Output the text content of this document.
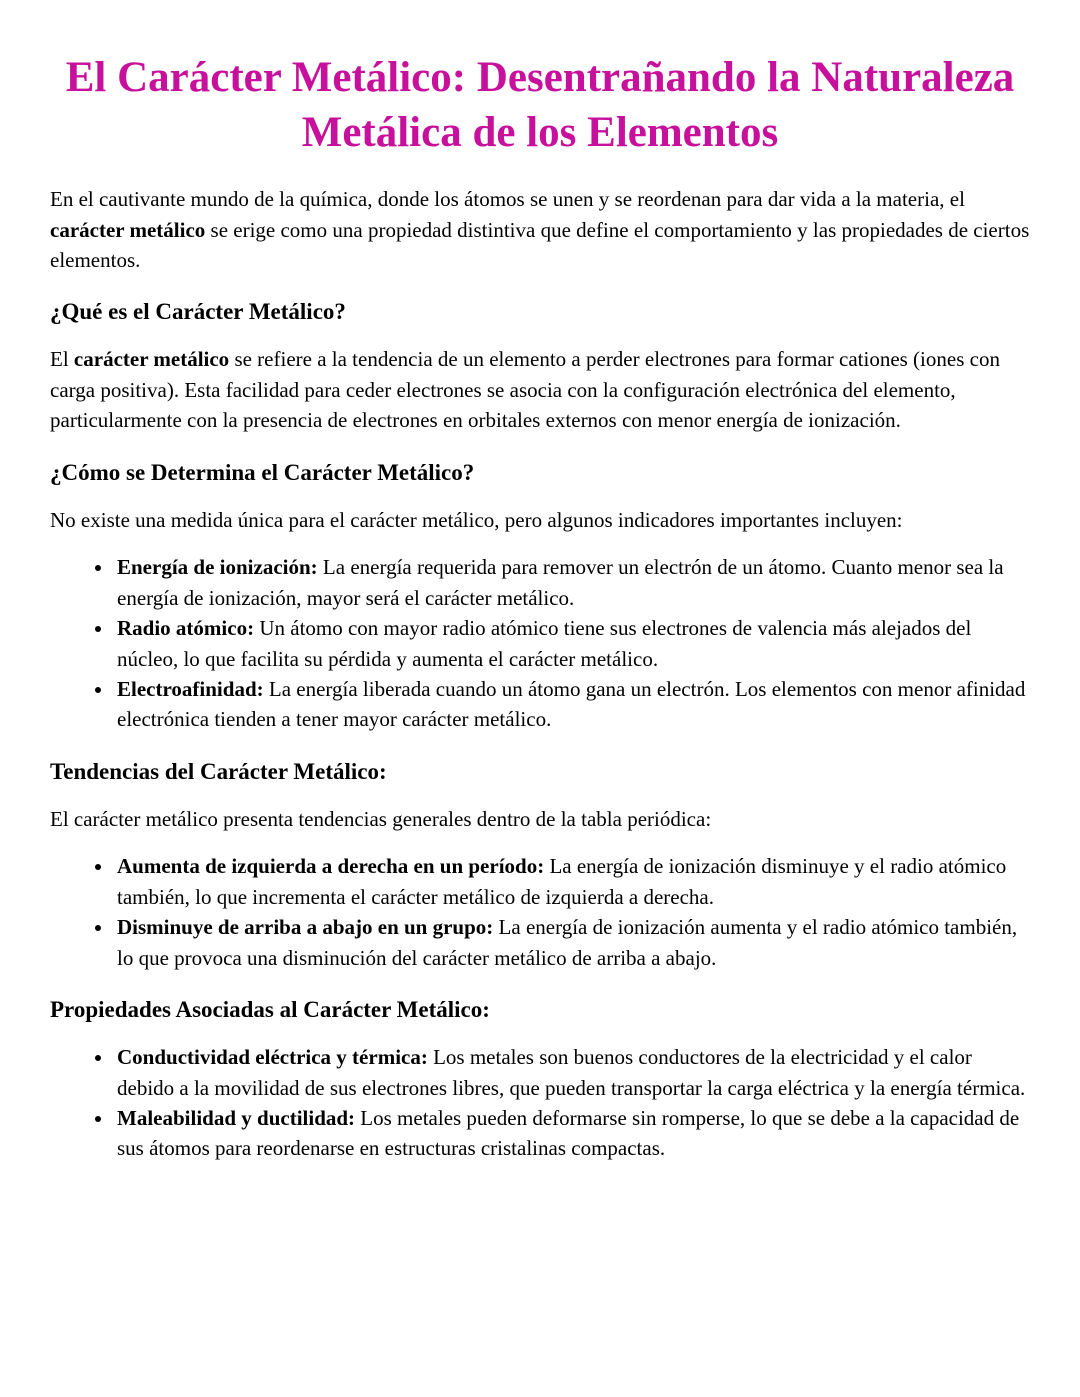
El Carácter Metálico: Desentrañando la Naturaleza Metálica de los Elementos

En el cautivante mundo de la química, donde los átomos se unen y se reordenan para dar vida a la materia, el carácter metálico se erige como una propiedad distintiva que define el comportamiento y las propiedades de ciertos elementos.

¿Qué es el Carácter Metálico?

El carácter metálico se refiere a la tendencia de un elemento a perder electrones para formar cationes (iones con carga positiva). Esta facilidad para ceder electrones se asocia con la configuración electrónica del elemento, particularmente con la presencia de electrones en orbitales externos con menor energía de ionización.

¿Cómo se Determina el Carácter Metálico?

No existe una medida única para el carácter metálico, pero algunos indicadores importantes incluyen:

• Energía de ionización: La energía requerida para remover un electrón de un átomo. Cuanto menor sea la energía de ionización, mayor será el carácter metálico.
• Radio atómico: Un átomo con mayor radio atómico tiene sus electrones de valencia más alejados del núcleo, lo que facilita su pérdida y aumenta el carácter metálico.
• Electroafinidad: La energía liberada cuando un átomo gana un electrón. Los elementos con menor afinidad electrónica tienden a tener mayor carácter metálico.
Tendencias del Carácter Metálico:

El carácter metálico presenta tendencias generales dentro de la tabla periódica:

• Aumenta de izquierda a derecha en un período: La energía de ionización disminuye y el radio atómico también, lo que incrementa el carácter metálico de izquierda a derecha.
• Disminuye de arriba a abajo en un grupo: La energía de ionización aumenta y el radio atómico también, lo que provoca una disminución del carácter metálico de arriba a abajo.
Propiedades Asociadas al Carácter Metálico:
• Conductividad eléctrica y térmica: Los metales son buenos conductores de la electricidad y el calor debido a la movilidad de sus electrones libres, que pueden transportar la carga eléctrica y la energía térmica.
• Maleabilidad y ductilidad: Los metales pueden deformarse sin romperse, lo que se debe a la capacidad de sus átomos para reordenarse en estructuras cristalinas compactas.
